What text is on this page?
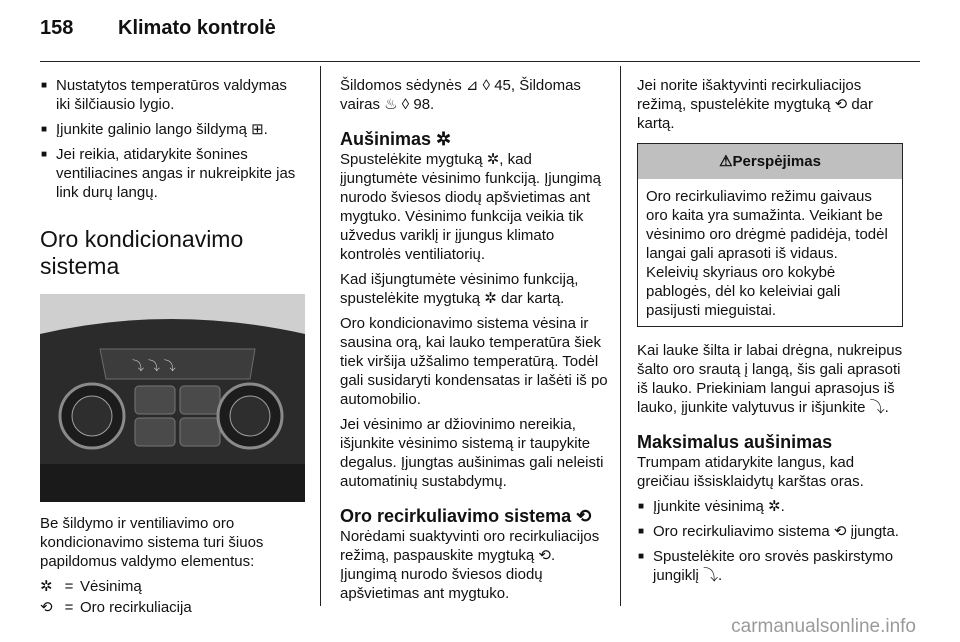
158 Klimato kontrolė
■ Nustatytos temperatūros valdymas iki šilčiausio lygio.
■ Įjunkite galinio lango šildymą ⊞.
■ Jei reikia, atidarykite šonines ventiliacines angas ir nukreipkite jas link durų langų.
Oro kondicionavimo sistema
⤵ ⤵ ⤵

Be šildymo ir ventiliavimo oro kondicionavimo sistema turi šiuos papildomus valdymo elementus:

✲ = Vėsinimą
⟲ = Oro recirkuliacija

Šildomos sėdynės ⊿ ◊ 45, Šildomas vairas ♨ ◊ 98.

Aušinimas ✲

Spustelėkite mygtuką ✲, kad įjungtumėte vėsinimo funkciją. Įjungimą nurodo šviesos diodų apšvietimas ant mygtuko. Vėsinimo funkcija veikia tik užvedus variklį ir įjungus klimato kontrolės ventiliatorių.

Kad išjungtumėte vėsinimo funkciją, spustelėkite mygtuką ✲ dar kartą.

Oro kondicionavimo sistema vėsina ir sausina orą, kai lauko temperatūra šiek tiek viršija užšalimo temperatūrą. Todėl gali susidaryti kondensatas ir lašėti iš po automobilio.

Jei vėsinimo ar džiovinimo nereikia, išjunkite vėsinimo sistemą ir taupykite degalus. Įjungtas aušinimas gali neleisti automatinių sustabdymų.

Oro recirkuliavimo sistema ⟲

Norėdami suaktyvinti oro recirkuliacijos režimą, paspauskite mygtuką ⟲. Įjungimą nurodo šviesos diodų apšvietimas ant mygtuko.

Jei norite išaktyvinti recirkuliacijos režimą, spustelėkite mygtuką ⟲ dar kartą.

⚠Perspėjimas
Oro recirkuliavimo režimu gaivaus oro kaita yra sumažinta. Veikiant be vėsinimo oro drėgmė padidėja, todėl langai gali aprasoti iš vidaus. Keleivių skyriaus oro kokybė pablogės, dėl ko keleiviai gali pasijusti mieguistai.

Kai lauke šilta ir labai drėgna, nukreipus šalto oro srautą į langą, šis gali aprasoti iš lauko. Priekiniam langui aprasojus iš lauko, įjunkite valytuvus ir išjunkite ⤵.

Maksimalus aušinimas

Trumpam atidarykite langus, kad greičiau išsisklaidytų karštas oras.

■ Įjunkite vėsinimą ✲.
■ Oro recirkuliavimo sistema ⟲ įjungta.
■ Spustelėkite oro srovės paskirstymo jungiklį ⤵.
carmanualsonline.info
